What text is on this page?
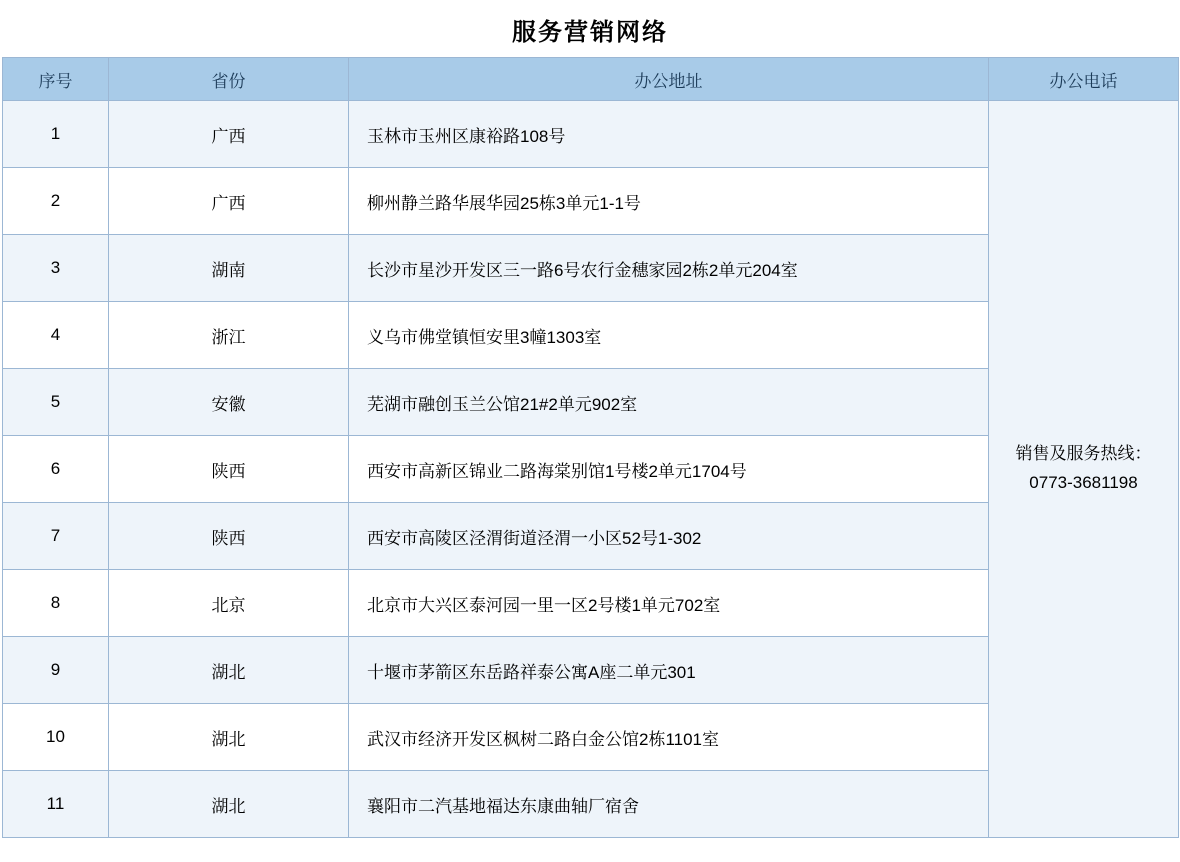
服务营销网络
序号	省份	办公地址	办公电话
1	广西	玉林市玉州区康裕路108号	销售及服务热线：
0773-3681198

2	广西	柳州静兰路华展华园25栋3单元1-1号	
3	湖南	长沙市星沙开发区三一路6号农行金穗家园2栋2单元204室	
4	浙江	义乌市佛堂镇恒安里3幢1303室	
5	安徽	芜湖市融创玉兰公馆21#2单元902室	
6	陕西	西安市高新区锦业二路海棠别馆1号楼2单元1704号	
7	陕西	西安市高陵区泾渭街道泾渭一小区52号1-302	
8	北京	北京市大兴区泰河园一里一区2号楼1单元702室	
9	湖北	十堰市茅箭区东岳路祥泰公寓A座二单元301	
10	湖北	武汉市经济开发区枫树二路白金公馆2栋1101室	
11	湖北	襄阳市二汽基地福达东康曲轴厂宿舍	
